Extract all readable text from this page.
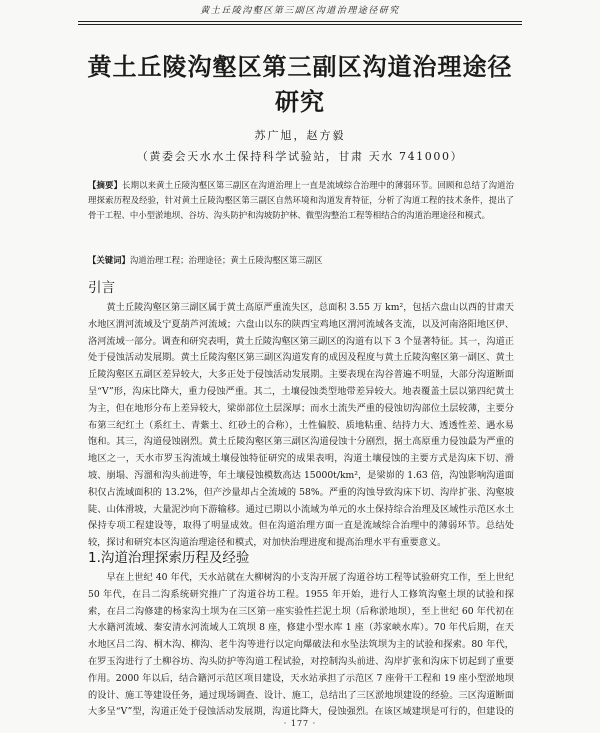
黄土丘陵沟壑区第三副区沟道治理途径研究
黄土丘陵沟壑区第三副区沟道治理途径
研究
苏广旭，赵方毅
（黄委会天水水土保持科学试验站，甘肃 天水 741000）
【摘要】长期以来黄土丘陵沟壑区第三副区在沟道治理上一直是流域综合治理中的薄弱环节。回顾和总结了沟道治理探索历程及经验，针对黄土丘陵沟壑区第三副区自然环境和沟道发育特征，分析了沟道工程的技术条件，提出了骨干工程、中小型淤地坝、谷坊、沟头防护和沟坡防护林、微型沟整治工程等相结合的沟道治理途径和模式。
【关键词】沟道治理工程；治理途径；黄土丘陵沟壑区第三副区
引言
黄土丘陵沟壑区第三副区属于黄土高原严重流失区，总面积 3.55 万 km²，包括六盘山以西的甘肃天水地区渭河流域及宁夏葫芦河流域；六盘山以东的陕西宝鸡地区渭河流域各支流，以及河南洛阳地区伊、洛河流域一部分。调查和研究表明，黄土丘陵沟壑区第三副区的沟道有以下 3 个显著特征。其一，沟道正处于侵蚀活动发展期。黄土丘陵沟壑区第三副区沟道发育的成因及程度与黄土丘陵沟壑区第一副区、黄土丘陵沟壑区五副区差异较大，大多正处于侵蚀活动发展期。主要表现在沟谷普遍不明显，大部分沟道断面呈“V”形，沟床比降大，重力侵蚀严重。其二，土壤侵蚀类型地带差异较大。地表覆盖土层以第四纪黄土为主，但在地形分布上差异较大，梁峁部位土层深厚；而水土流失严重的侵蚀切沟部位土层较薄，主要分布第三纪红土（系红土、青紫土、红砂土的合称），土性偏胶、质地粘重、结持力大、透透性差、遇水易饱和。其三，沟道侵蚀剧烈。黄土丘陵沟壑区第三副区沟道侵蚀十分剧烈，据土高原重力侵蚀最为严重的地区之一，天水市罗玉沟流域土壤侵蚀特征研究的成果表明，沟道土壤侵蚀的主要方式是沟床下切、滑坡、崩塌、泻溜和沟头前进等，年土壤侵蚀模数高达 15000t/km²，是梁峁的 1.63 倍，沟蚀影响沟道面积仅占流域面积的 13.2%，但产沙量却占全流域的 58%。严重的沟蚀导致沟床下切、沟岸扩张、沟壑坡陡、山体滑坡，大量泥沙向下游输移。通过已期以小流域为单元的水土保持综合治理及区域性示范区水土保持专项工程建设等，取得了明显成效。但在沟道治理方面一直是流域综合治理中的薄弱环节。总结处较，探讨和研究本区沟道治理途径和模式，对加快治理进度和提高治理水平有重要意义。
1.沟道治理探索历程及经验
早在上世纪 40 年代，天水站就在大柳树沟的小支沟开展了沟道谷坊工程等试验研究工作，至上世纪 50 年代，在吕二沟系统研究推广了沟道谷坊工程。1955 年开始，进行人工修筑沟壑土坝的试验和探索，在吕二沟修建的杨家沟土坝为在三区第一座实验性拦泥土坝（后称淤地坝），至上世纪 60 年代初在大水籍河流域、秦安清水河流域人工筑坝 8 座，修建小型水库 1 座（苏家峡水库）。70 年代后期，在天水地区吕二沟、桐木沟、柳沟、老牛沟等进行以定向爆破法和水坠法筑坝为主的试验和探索。80 年代，在罗玉沟进行了土柳谷坊、沟头防护等沟道工程试验，对控制沟头前进、沟岸扩张和沟床下切起到了重要作用。2000 年以后，结合籍河示范区项目建设，天水站承担了示范区 7 座骨干工程和 19 座小型淤地坝的设计、施工等建设任务，通过现场调查、设计、施工，总结出了三区淤地坝建设的经验。三区沟道断面大多呈“V”型，沟道正处于侵蚀活动发展期，沟道比降大，侵蚀强烈。在该区域建坝是可行的，但建设的
· 177 ·
